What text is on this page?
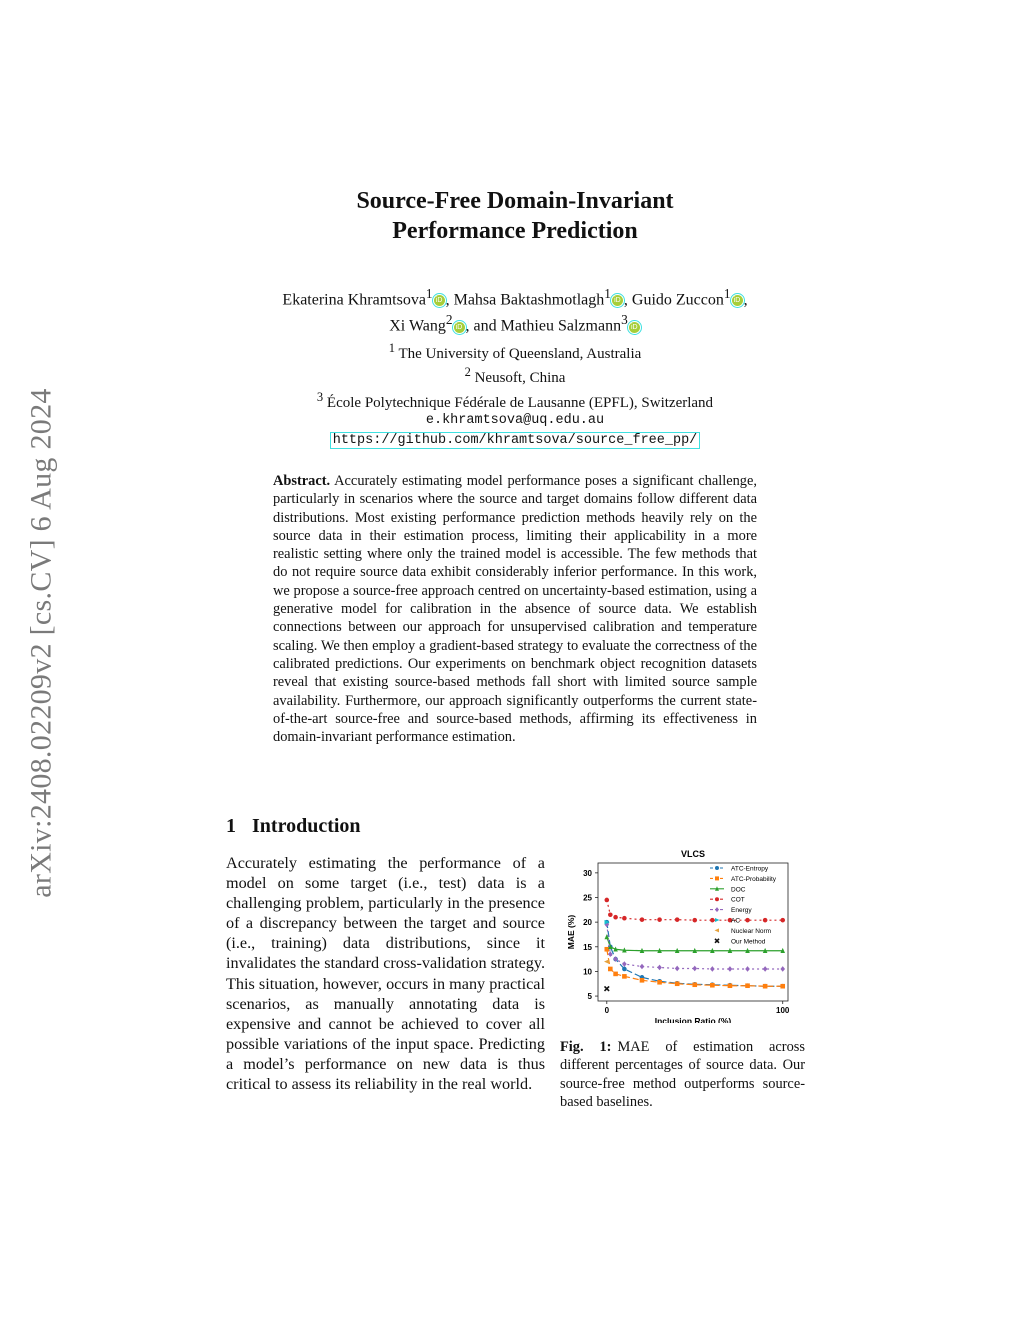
arXiv:2408.02209v2 [cs.CV] 6 Aug 2024
Source-Free Domain-Invariant
Performance Prediction
Ekaterina Khramtsova$^1$ iD , Mahsa Baktashmotlagh$^1$ iD , Guido Zuccon$^1$ iD ,
Xi Wang$^2$ iD , and Mathieu Salzmann$^3$ iD
$^1$ The University of Queensland, Australia
$^2$ Neusoft, China
$^3$ École Polytechnique Fédérale de Lausanne (EPFL), Switzerland
e.khramtsova@uq.edu.au
https://github.com/khramtsova/source_free_pp/
Abstract. Accurately estimating model performance poses a significant challenge, particularly in scenarios where the source and target domains follow different data distributions. Most existing performance prediction methods heavily rely on the source data in their estimation process, limiting their applicability in a more realistic setting where only the trained model is accessible. The few methods that do not require source data exhibit considerably inferior performance. In this work, we propose a source-free approach centred on uncertainty-based estimation, using a generative model for calibration in the absence of source data. We establish connections between our approach for unsupervised calibration and temperature scaling. We then employ a gradient-based strategy to evaluate the correctness of the calibrated predictions. Our experiments on benchmark object recognition datasets reveal that existing source-based methods fall short with limited source sample availability. Furthermore, our approach significantly outperforms the current state-of-the-art source-free and source-based methods, affirming its effectiveness in domain-invariant performance estimation.
1 Introduction
Accurately estimating the performance of a model on some target (i.e., test) data is a challenging problem, particularly in the presence of a discrepancy between the target and source (i.e., training) data distributions, since it invalidates the standard cross-validation strategy. This situation, however, occurs in many practical scenarios, as manually annotating data is expensive and cannot be achieved to cover all possible variations of the input space. Predicting a model’s performance on new data is thus critical to assess its reliability in the real world.
VLCS
Inclusion Ratio (%)
MAE (%)
5
10
15
20
25
30
0	100
ATC-Entropy
ATC-Probability
DOC
COT
Energy
AC
Nuclear Norm
Our Method
Fig. 1: MAE of estimation across different percentages of source data. Our source-free method outperforms source-based baselines.
